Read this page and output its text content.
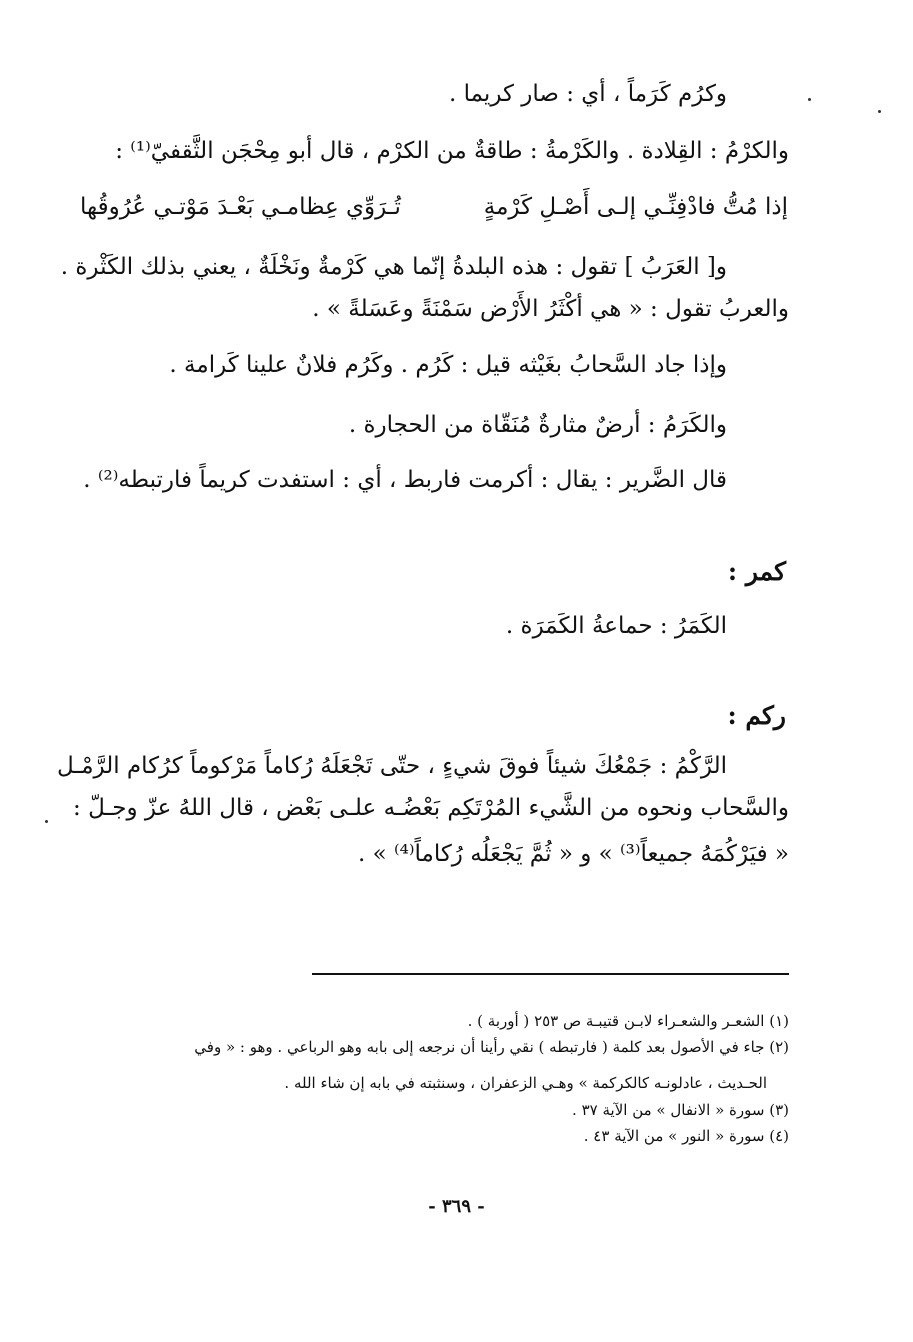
وكرُم كَرَماً ، أي : صار كريما .

والكرْمُ : القِلادة . والكَرْمةُ : طاقةٌ من الكرْم ، قال أبو مِحْجَن الثَّقفيّ⁽¹⁾ :

إذا مُتُّ فادْفِنِّـي إلـى أَصْـلِ كَرْمةٍ
تُـرَوِّي عِظامـي بَعْـدَ مَوْتـي عُرُوقُها

و[ العَرَبُ ] تقول : هذه البلدةُ إنّما هي كَرْمةٌ ونَخْلَةٌ ، يعني بذلك الكَثْرة .

والعربُ تقول : « هي أكْثَرُ الأَرْض سَمْنَةً وعَسَلةً » .

وإذا جاد السَّحابُ بغَيْثه قيل : كَرُم . وكَرُم فلانٌ علينا كَرامة .

والكَرَمُ : أرضٌ مثارةٌ مُنَقّاة من الحجارة .

قال الضَّرير : يقال : أكرمت فاربط ، أي : استفدت كريماً فارتبطه⁽²⁾ .

كمر :

الكَمَرُ : حماعةُ الكَمَرَة .

ركم :

الرَّكْمُ : جَمْعُكَ شيئاً فوقَ شيءٍ ، حتّى تَجْعَلَهُ رُكاماً مَرْكوماً كرُكام الرَّمْـل

والسَّحاب ونحوه من الشَّيء المُرْتَكِم بَعْضُـه علـى بَعْض ، قال اللهُ عزّ وجـلّ :

« فيَرْكُمَهُ جميعاً⁽³⁾ » و « ثُمَّ يَجْعَلُه رُكاماً⁽⁴⁾ » .

(١) الشعـر والشعـراء لابـن قتيبـة ص ٢٥٣ ( أوربة ) .

(٢) جاء في الأصول بعد كلمة ( فارتبطه ) نقي رأينا أن نرجعه إلى بابه وهو الرباعي . وهو : « وفي

الحـديث ، عادلونـه كالكركمة » وهـي الزعفران ، وسنثبته في بابه إن شاء الله .

(٣) سورة « الانفال » من الآية ٣٧ .

(٤) سورة « النور » من الآية ٤٣ .

- ٣٦٩ -
